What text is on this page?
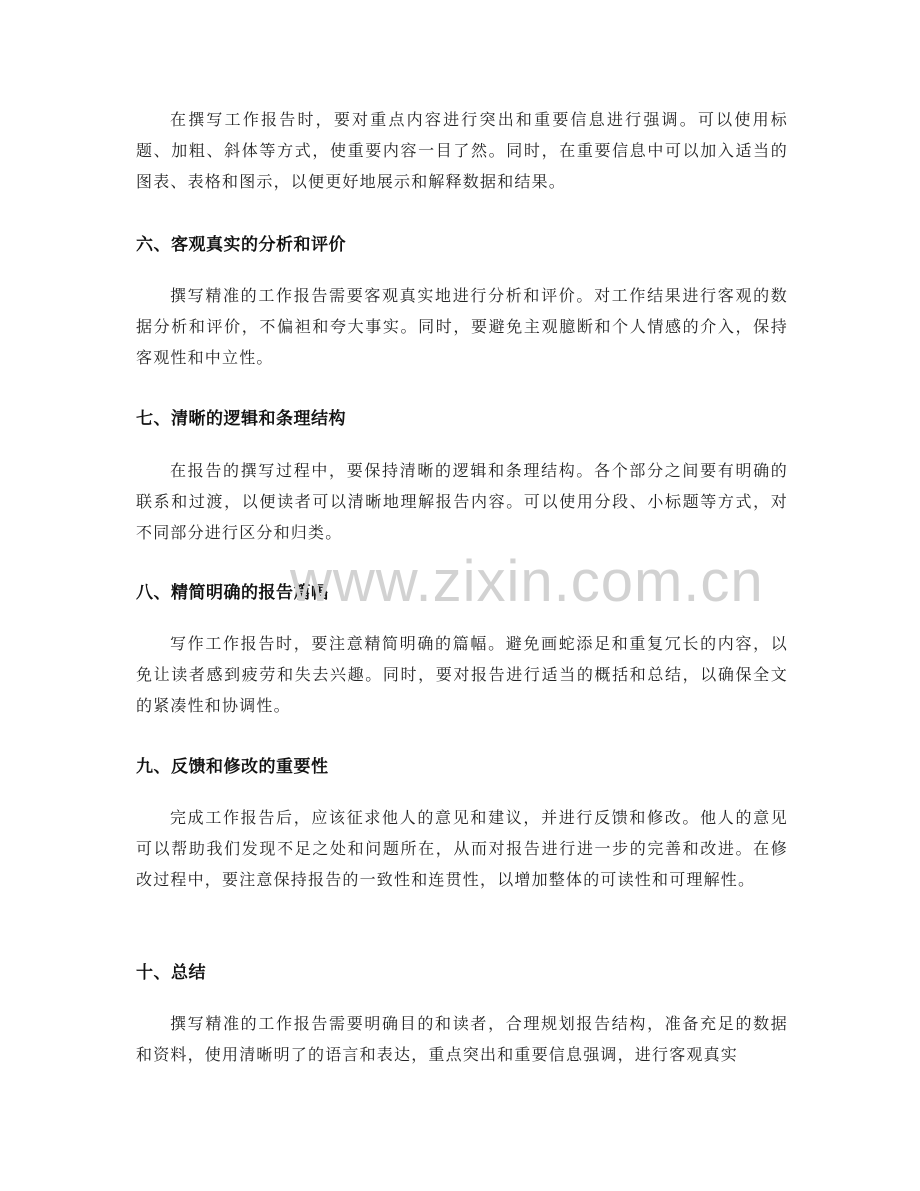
在撰写工作报告时，要对重点内容进行突出和重要信息进行强调。可以使用标题、加粗、斜体等方式，使重要内容一目了然。同时，在重要信息中可以加入适当的图表、表格和图示，以便更好地展示和解释数据和结果。

六、客观真实的分析和评价

撰写精准的工作报告需要客观真实地进行分析和评价。对工作结果进行客观的数据分析和评价，不偏袒和夸大事实。同时，要避免主观臆断和个人情感的介入，保持客观性和中立性。

七、清晰的逻辑和条理结构

在报告的撰写过程中，要保持清晰的逻辑和条理结构。各个部分之间要有明确的联系和过渡，以便读者可以清晰地理解报告内容。可以使用分段、小标题等方式，对不同部分进行区分和归类。

八、精简明确的报告篇幅

写作工作报告时，要注意精简明确的篇幅。避免画蛇添足和重复冗长的内容，以免让读者感到疲劳和失去兴趣。同时，要对报告进行适当的概括和总结，以确保全文的紧凑性和协调性。

九、反馈和修改的重要性

完成工作报告后，应该征求他人的意见和建议，并进行反馈和修改。他人的意见可以帮助我们发现不足之处和问题所在，从而对报告进行进一步的完善和改进。在修改过程中，要注意保持报告的一致性和连贯性，以增加整体的可读性和可理解性。

十、总结

撰写精准的工作报告需要明确目的和读者，合理规划报告结构，准备充足的数据和资料，使用清晰明了的语言和表达，重点突出和重要信息强调，进行客观真实

www.zixin.com.cn
